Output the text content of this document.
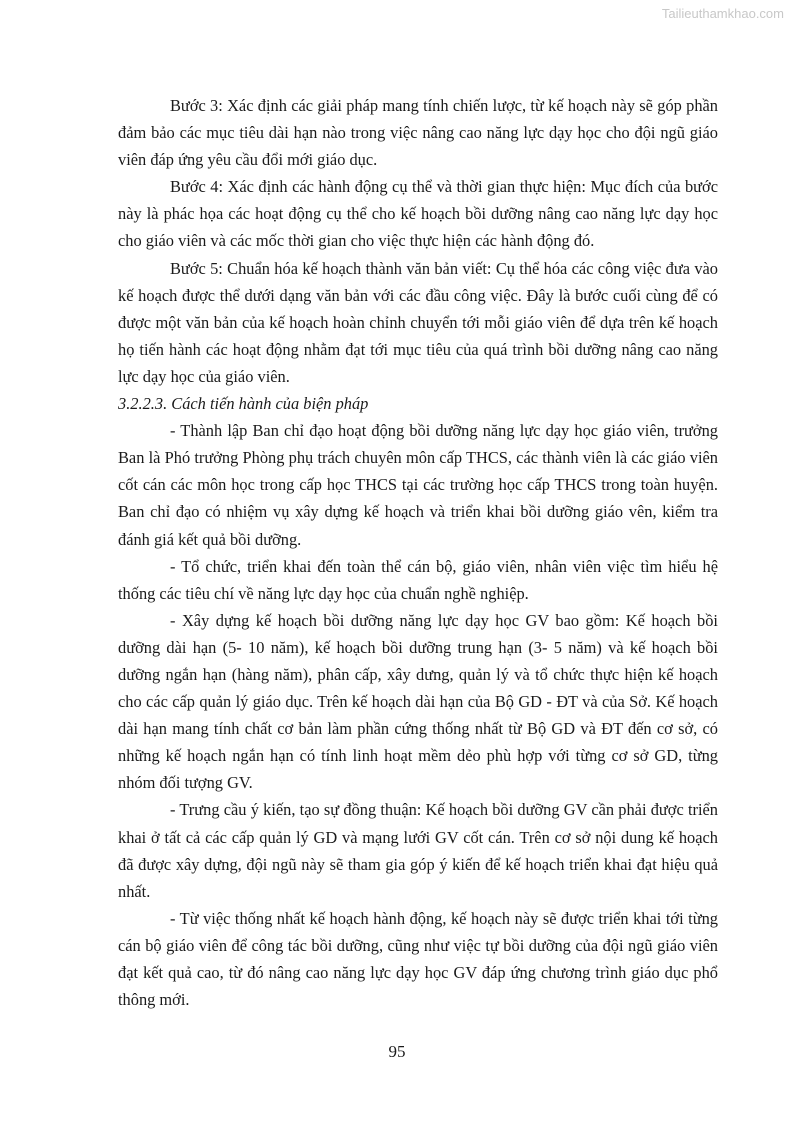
Tailieuthamkhao.com

Bước 3: Xác định các giải pháp mang tính chiến lược, từ kế hoạch này sẽ góp phần đảm bảo các mục tiêu dài hạn nào trong việc nâng cao năng lực dạy học cho đội ngũ giáo viên đáp ứng yêu cầu đổi mới giáo dục.

Bước 4: Xác định các hành động cụ thể và thời gian thực hiện: Mục đích của bước này là phác họa các hoạt động cụ thể cho kế hoạch bồi dưỡng nâng cao năng lực dạy học cho giáo viên và các mốc thời gian cho việc thực hiện các hành động đó.

Bước 5: Chuẩn hóa kế hoạch thành văn bản viết: Cụ thể hóa các công việc đưa vào kế hoạch được thể dưới dạng văn bản với các đầu công việc. Đây là bước cuối cùng để có được một văn bản của kế hoạch hoàn chỉnh chuyển tới mỗi giáo viên để dựa trên kế hoạch họ tiến hành các hoạt động nhằm đạt tới mục tiêu của quá trình bồi dưỡng nâng cao năng lực dạy học của giáo viên.

3.2.2.3. Cách tiến hành của biện pháp

- Thành lập Ban chỉ đạo hoạt động bồi dưỡng năng lực dạy học giáo viên, trưởng Ban là Phó trưởng Phòng phụ trách chuyên môn cấp THCS, các thành viên là các giáo viên cốt cán các môn học trong cấp học THCS tại các trường học cấp THCS trong toàn huyện. Ban chỉ đạo có nhiệm vụ xây dựng kế hoạch và triển khai bồi dưỡng giáo vên, kiểm tra đánh giá kết quả bồi dưỡng.

- Tổ chức, triển khai đến toàn thể cán bộ, giáo viên, nhân viên việc tìm hiểu hệ thống các tiêu chí về năng lực dạy học của chuẩn nghề nghiệp.

- Xây dựng kế hoạch bồi dưỡng năng lực dạy học GV bao gồm: Kế hoạch bồi dưỡng dài hạn (5- 10 năm), kế hoạch bồi dưỡng trung hạn (3- 5 năm) và kế hoạch bồi dưỡng ngắn hạn (hàng năm), phân cấp, xây dưng, quản lý và tổ chức thực hiện kế hoạch cho các cấp quản lý giáo dục. Trên kế hoạch dài hạn của Bộ GD - ĐT và của Sở. Kế hoạch dài hạn mang tính chất cơ bản làm phần cứng thống nhất từ Bộ GD và ĐT đến cơ sở, có những kế hoạch ngắn hạn có tính linh hoạt mềm dẻo phù hợp với từng cơ sở GD, từng nhóm đối tượng GV.

- Trưng cầu ý kiến, tạo sự đồng thuận: Kế hoạch bồi dưỡng GV cần phải được triển khai ở tất cả các cấp quản lý GD và mạng lưới GV cốt cán. Trên cơ sở nội dung kế hoạch đã được xây dựng, đội ngũ này sẽ tham gia góp ý kiến để kế hoạch triển khai đạt hiệu quả nhất.

- Từ việc thống nhất kế hoạch hành động, kế hoạch này sẽ được triển khai tới từng cán bộ giáo viên để công tác bồi dưỡng, cũng như việc tự bồi dưỡng của đội ngũ giáo viên đạt kết quả cao, từ đó nâng cao năng lực dạy học GV đáp ứng chương trình giáo dục phổ thông mới.

95
